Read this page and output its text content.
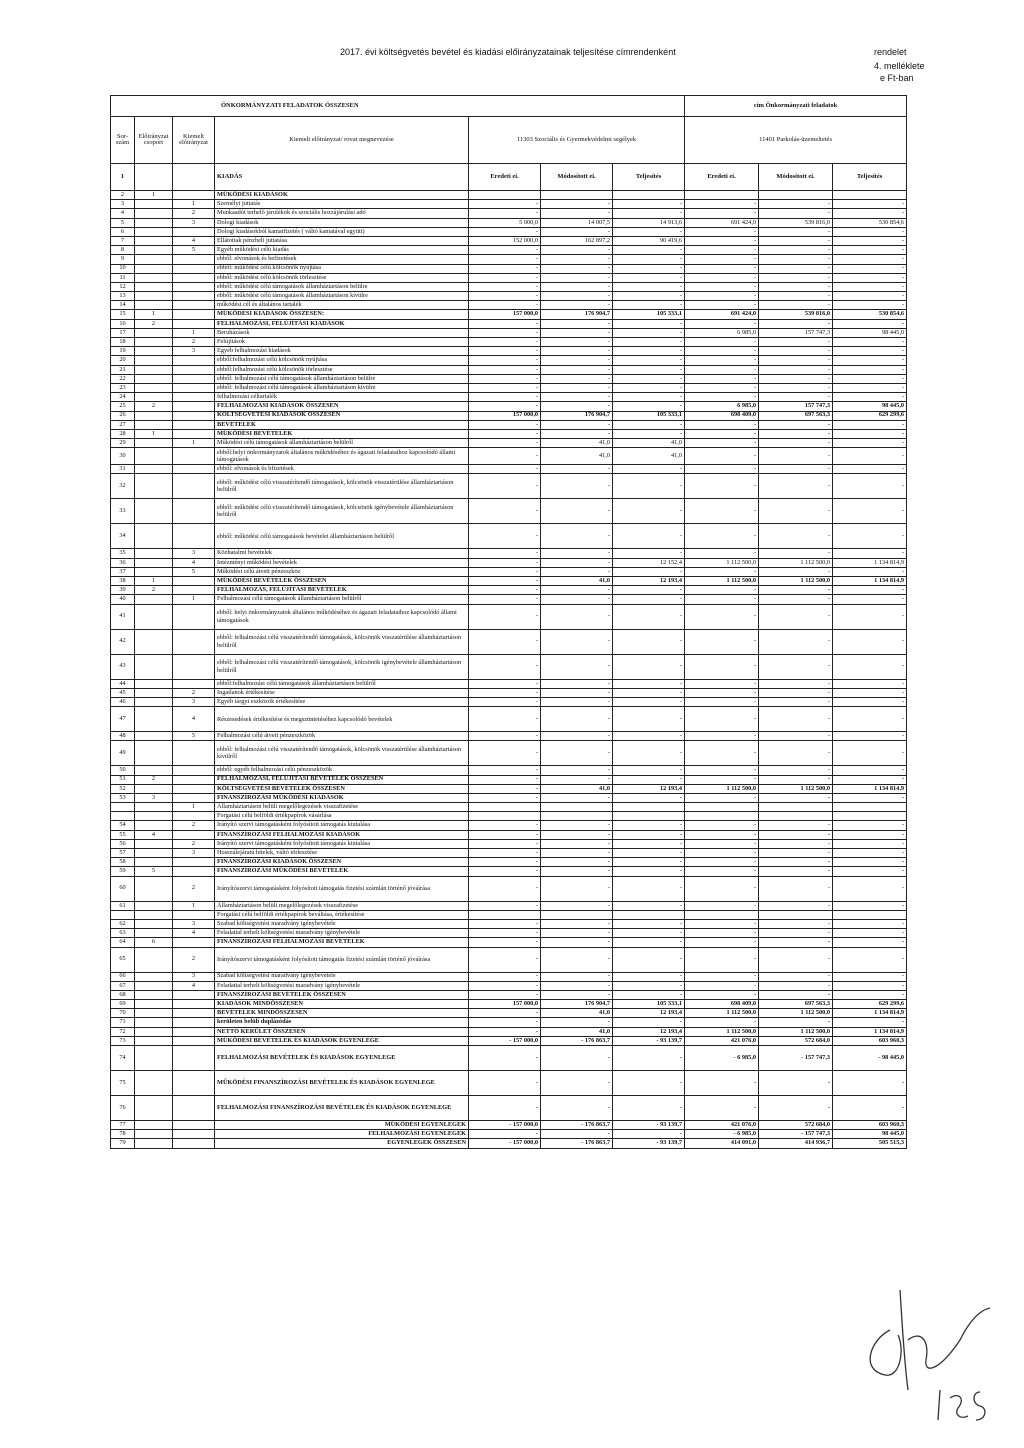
2017. évi költségvetés bevétel és kiadási előirányzatainak teljesítése címrendenként	rendelet
4. melléklete
e Ft-ban
ÖNKORMÁNYZATI FELADATOK ÖSSZESEN							cím Önkormányzati feladatok		
Sor-szám	Előirányzat csoport	Kiemelt előirányzat	Kiemelt előirányzat/ rovat megnevezése	11303 Szociális és Gyermekvédelmi segélyek			11401 Parkolás-üzemeltetés		
1			KIADÁS	Eredeti ei.	Módosított ei.	Teljesítés	Eredeti ei.	Módosított ei.	Teljesítés
2	1		MŰKÖDÉSI KIADÁSOK						
3		1	Személyi juttatás	-	-	-	-	-	-
4		2	Munkaadót terhelő járulékok és szociális hozzájárulási adó	-	-	-	-	-	-
5		3	Dologi kiadások	5 000,0	14 007,5	14 913,6	691 424,0	539 816,0	530 854,6
6			Dologi kiadásokból kamatfizetés ( váltó kamatával együtt)	-	-	-	-	-	-
7		4	Ellátottak pénzbeli juttatása	152 000,0	162 897,2	90 419,6	-	-	-
8		5	Egyéb működési célú kiadás	-	-	-	-	-	-
9			ebből: elvonások és befizetések	-	-	-	-	-	-
10			ebből: működési célú kölcsönök nyújtása	-	-	-	-	-	-
11			ebből: működési célú kölcsönök törlesztése	-	-	-	-	-	-
12			ebből: működési célú támogatások államháztartáson belülre	-	-	-	-	-	-
13			ebből: működési célú támogatások államháztartáson kívülre	-	-	-	-	-	-
14			működési cél és általános tartalék	-	-	-	-	-	-
15	1		MŰKÖDÉSI KIADÁSOK ÖSSZESEN:	157 000,0	176 904,7	105 333,1	691 424,0	539 816,0	530 854,6
16	2		FELHALMOZÁSI, FELÚJÍTÁSI KIADÁSOK	-	-	-	-	-	-
17		1	Beruházások	-	-	-	6 985,0	157 747,3	98 445,0
18		2	Felújítások	-	-	-	-	-	-
19		3	Egyéb felhalmozási kiadások	-	-	-	-	-	-
20			ebből:felhalmozási célú kölcsönök nyújtása	-	-	-	-	-	-
21			ebből:felhalmozási célú kölcsönök törlesztése	-	-	-	-	-	-
22			ebből: felhalmozási célú támogatások államháztartáson belülre	-	-	-	-	-	-
23			ebből: felhalmozási célú támogatások államháztartáson kívülre	-	-	-	-	-	-
24			felhalmozási céltartalék	-	-	-	-	-	-
25	2		FELHALMOZÁSI KIADÁSOK ÖSSZESEN	-	-	-	6 985,0	157 747,3	98 445,0
26			KÖLTSÉGVETÉSI KIADÁSOK ÖSSZESEN	157 000,0	176 904,7	105 333,1	698 409,0	697 563,3	629 299,6
27			BEVÉTELEK	-	-	-	-	-	-
28	1		MŰKÖDÉSI BEVÉTELEK	-	-	-	-	-	-
29		1	Működési célú támogatások államháztartáson belülről	-	41,0	41,0	-	-	-
30			ebből:helyi önkormányzatok általános működéséhez és ágazati feladataihoz kapcsolódó állami támogatások	-	41,0	41,0	-	-	-
31			ebből: elvonások és bfizetések	-	-	-	-	-	-
32			ebből: működési célú visszatérítendő támogatások, kölcsönök visszatérülése államháztartáson belülről	-	-	-	-	-	-
33			ebből: működési célú visszatérítendő támogatások, kölcsönök igénybevétele államháztartáson belülről	-	-	-	-	-	-
34			ebből: működési célú támogatások bevételei államháztartáson belülről	-	-	-	-	-	-
35		3	Közhatalmi bevételek	-	-	-	-	-	-
36		4	Intézményi működési bevételek	-	-	12 152,4	1 112 500,0	1 112 500,0	1 134 814,9
37		5	Működési célú átvett pénzeszköz	-	-	-	-	-	-
38	1		MŰKÖDÉSI BEVÉTELEK ÖSSZESEN	-	41,0	12 193,4	1 112 500,0	1 112 500,0	1 134 814,9
39	2		FELHALMOZÁS, FELÚJÍTÁSI BEVÉTELEK	-	-	-	-	-	-
40		1	Felhalmozási célú támogatások államháztartáson belülről	-	-	-	-	-	-
41			ebből: helyi önkormányzatok általános működéséhez és ágazati feladataihoz kapcsolódó állami támogatások	-	-	-	-	-	-
42			ebből: felhalmozási célú visszatérítendő támogatások, kölcsönök visszatérülése államháztartáson belülről	-	-	-	-	-	-
43			ebből: felhalmozási célú visszatérítendő támogatások, kölcsönök igénybevétele államháztartáson belülről	-	-	-	-	-	-
44			ebből:felhalmozási célú támogatások államháztartáson belülről	-	-	-	-	-	-
45		2	Ingatlanok értékesítése	-	-	-	-	-	-
46		3	Egyéb tárgyi eszközök értékesítése	-	-	-	-	-	-
47		4	Részesedések értékesítése és megszüntetéséhez kapcsolódó bevételek	-	-	-	-	-	-
48		5	Felhalmozási célú átvett pénzeszközök	-	-	-	-	-	-
49			ebből: felhalmozási célú visszatérítendő támogatások, kölcsönök visszatérülése államháztartáson kívülről	-	-	-	-	-	-
50			ebből: egyéb felhalmozási célú pénzeszközök	-	-	-	-	-	-
51	2		FELHALMOZÁSI, FELÚJÍTÁSI BEVÉTELEK ÖSSZESEN	-	-	-	-	-	-
52			KÖLTSÉGVETÉSI BEVÉTELEK ÖSSZESEN	-	41,0	12 193,4	1 112 500,0	1 112 500,0	1 134 814,9
53	3		FINANSZÍROZÁSI MŰKÖDÉSI KIADÁSOK	-	-	-	-	-	-
		1	Államháztartáson belüli megelőlegezések visszafizetése						
			Forgatási célú belföldi értékpapírok vásárlása						
54		2	Irányító szervi támogatásként folyósított támogatás kiutalása	-	-	-	-	-	-
55	4		FINANSZÍROZÁSI FELHALMOZÁSI KIADÁSOK	-	-	-	-	-	-
56		2	Irányító szervi támogatásként folyósított támogatás kiutalása	-	-	-	-	-	-
57		3	Hosszúlejáratú hitelek, váltó törlesztése	-	-	-	-	-	-
58			FINANSZÍROZÁSI KIADÁSOK ÖSSZESEN	-	-	-	-	-	-
59	5		FINANSZÍROZÁSI MŰKÖDÉSI BEVÉTELEK	-	-	-	-	-	-
60		2	Irányítószervi támogatásként folyósított támogatás fizetési számlán történő jóváírása	-	-	-	-	-	-
61		1	Államháztartáson belüli megelőlegezések visszafizetése	-	-	-	-	-	-
			Forgatási célú belföldi értékpapírok beváltása, értékesítése						
62		3	Szabad költségvetési maradvány igénybevétele	-	-	-	-	-	-
63		4	Feladattal terhelt költségvetési maradvány igénybevétele	-	-	-	-	-	-
64	6		FINANSZÍROZÁSI FELHALMOZÁSI BEVÉTELEK	-	-	-	-	-	-
65		2	Irányítószervi támogatásként folyósított támogatás fizetési számlán történő jóváírása	-	-	-	-	-	-
66		3	Szabad költségvetési maradvány igénybevétele	-	-	-	-	-	-
67		4	Feladattal terhelt költségvetési maradvány igénybevétele	-	-	-	-	-	-
68			FINANSZÍROZÁSI BEVÉTELEK ÖSSZESEN	-	-	-	-	-	-
69			KIADÁSOK MINDÖSSZESEN	157 000,0	176 904,7	105 333,1	698 409,0	697 563,3	629 299,6
70			BEVÉTELEK MINDÖSSZESEN	-	41,0	12 193,4	1 112 500,0	1 112 500,0	1 134 814,9
71			kerületen belüli duplázódás	-	-	-	-	-	-
72			NETTÓ KERÜLET ÖSSZESEN	-	41,0	12 193,4	1 112 500,0	1 112 500,0	1 134 814,9
73			MŰKÖDÉSI BEVÉTELEK ÉS KIADÁSOK EGYENLEGE	- 157 000,0	- 176 863,7	- 93 139,7	421 076,0	572 684,0	603 960,3
74			FELHALMOZÁSI BEVÉTELEK ÉS KIADÁSOK EGYENLEGE	-	-	-	- 6 985,0	- 157 747,3	- 98 445,0
75			MŰKÖDÉSI FINANSZÍROZÁSI BEVÉTELEK ÉS KIADÁSOK EGYENLEGE	-	-	-	-	-	-
76			FELHALMOZÁSI FINANSZÍROZÁSI BEVÉTELEK ÉS KIADÁSOK EGYENLEGE	-	-	-	-	-	-
77			MŰKÖDÉSI EGYENLEGEK	- 157 000,0	- 176 863,7	- 93 139,7	421 076,0	572 684,0	603 960,3
78			FELHALMOZÁSI EGYENLEGEK	-	-	-	- 6 985,0	- 157 747,3	98 445,0
79			EGYENLEGEK ÖSSZESEN	- 157 000,0	- 176 863,7	- 93 139,7	414 091,0	414 936,7	505 515,3
